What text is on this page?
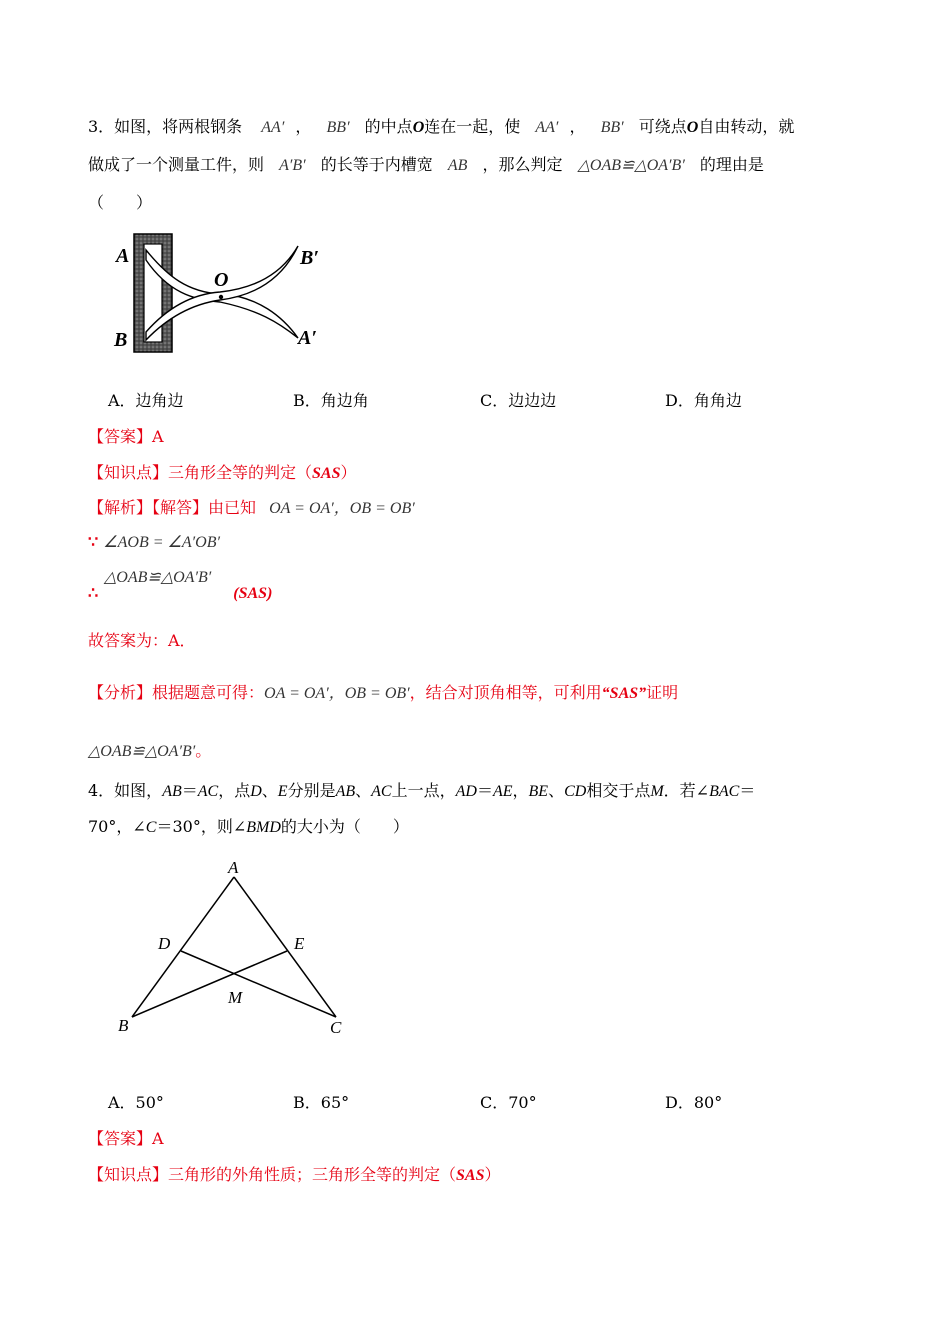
3．如图，将两根钢条 AA′ ， BB′ 的中点O连在一起，使 AA′ ， BB′ 可绕点O自由转动，就
做成了一个测量工件，则 A′B′ 的长等于内槽宽 AB ，那么判定 △OAB≌△OA′B′ 的理由是
（　　）
A
B
O
B′
A′
A．边角边	B．角边角	C．边边边	D．角角边
【答案】A
【知识点】三角形全等的判定（SAS）
【解析】【解答】由已知 OA = OA′，OB = OB′
∵ ∠AOB = ∠A′OB′
△OAB≌△OA′B′
∴	(SAS)
故答案为：A．
【分析】根据题意可得：OA = OA′，OB = OB′，结合对顶角相等，可利用“SAS”证明
△OAB≌△OA′B′。
4．如图，AB＝AC，点D、E分别是AB、AC上一点，AD＝AE，BE、CD相交于点M．若∠BAC＝
70°，∠C＝30°，则∠BMD的大小为（　　）
A
D	E
M
B	C
A．50°	B．65°	C．70°	D．80°
【答案】A
【知识点】三角形的外角性质；三角形全等的判定（SAS）
